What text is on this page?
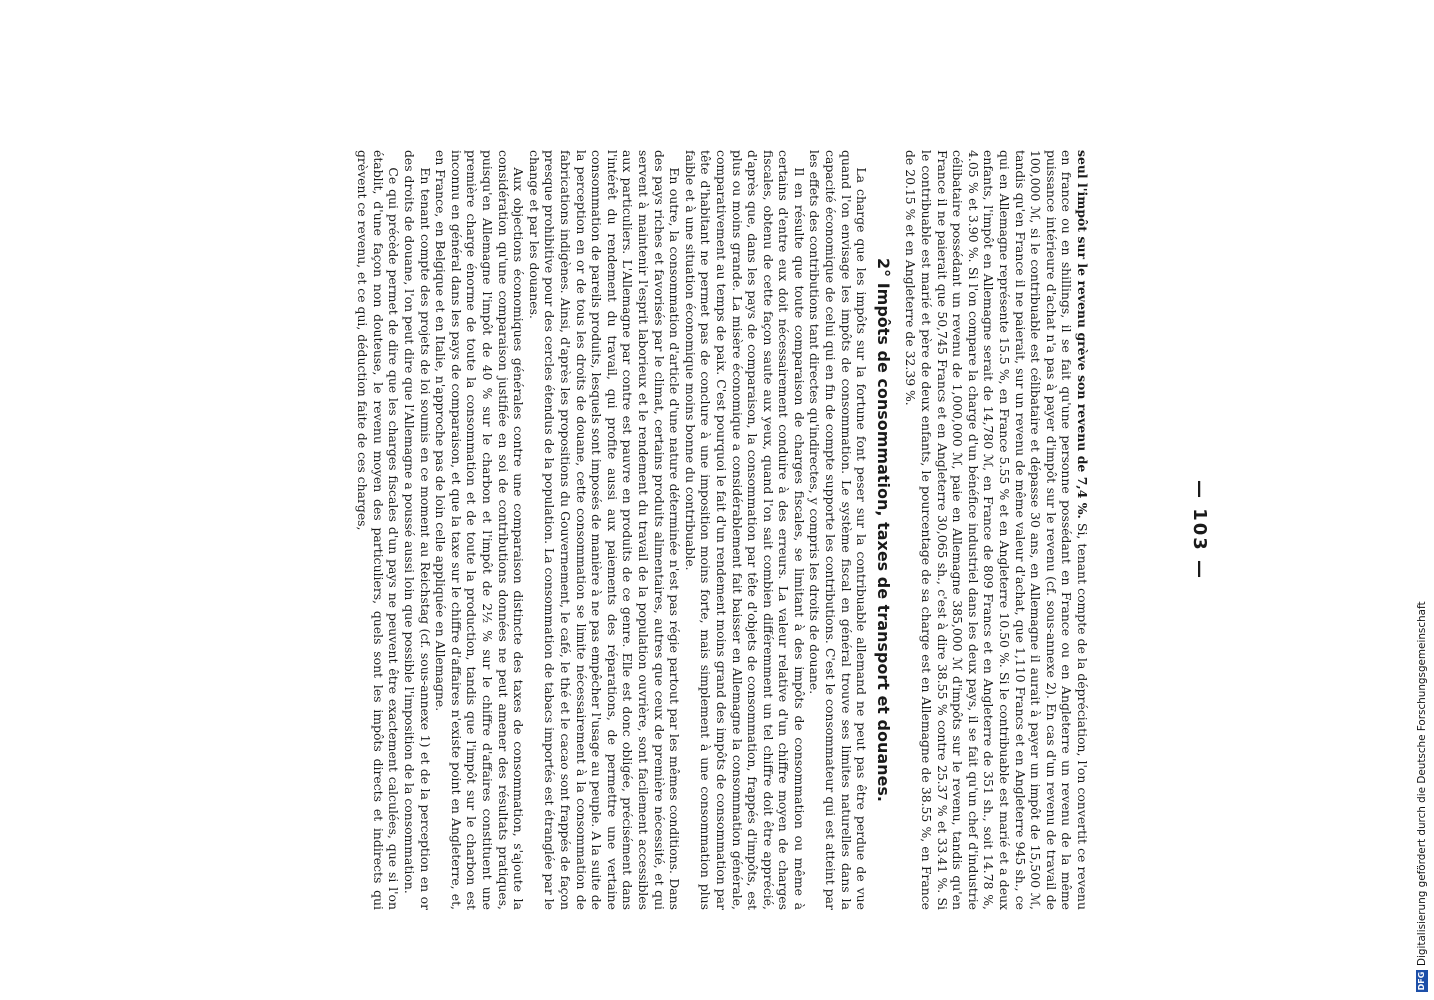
— 103 —

seul l'impôt sur le revenu grève son revenu de 7,4 %. Si, tenant compte de la dépréciation, l'on convertit ce revenu en france ou en shillings, il se fait qu'une personne possédant en France ou en Angleterre un revenu de la même puissance intérieure d'achat n'a pas à payer d'impôt sur le revenu (cf. sous-annexe 2). En cas d'un revenu de travail de 100,000 ℳ, si le contribuable est célibataire et dépasse 30 ans, en Allemagne il aurait à payer un impôt de 15,500 ℳ, tandis qu'en France il ne paierait, sur un revenu de même valeur d'achat, que 1,110 Francs et en Angleterre 945 sh., ce qui en Allemagne représente 15.5 %, en France 5.55 % et en Angleterre 10.50 %. Si le contribuable est marié et a deux enfants, l'impôt en Allemagne serait de 14,780 ℳ, en France de 809 Francs et en Angleterre de 351 sh., soit 14.78 %, 4.05 % et 3.90 %. Si l'on compare la charge d'un bénéfice industriel dans les deux pays, il se fait qu'un chef d'industrie célibataire possédant un revenu de 1,000,000 ℳ, paie en Allemagne 385,000 ℳ d'impôts sur le revenu, tandis qu'en France il ne paierait que 50,745 Francs et en Angleterre 30,065 sh., c'est à dire 38.55 % contre 25.37 % et 33.41 %. Si le contribuable est marié et père de deux enfants, le pourcentage de sa charge est en Allemagne de 38.55 %, en France de 20.15 % et en Angleterre de 32.39 %.

2° Impôts de consommation, taxes de transport et douanes.

La charge que les impôts sur la fortune font peser sur la contribuable allemand ne peut pas être perdue de vue quand l'on envisage les impôts de consommation. Le système fiscal en général trouve ses limites naturelles dans la capacité économique de celui qui en fin de compte supporte les contributions. C'est le consommateur qui est atteint par les effets des contributions tant directes qu'indirectes, y compris les droits de douane.

Il en résulte que toute comparaison de charges fiscales, se limitant à des impôts de consommation ou même à certains d'entre eux doit nécessairement conduire à des erreurs. La valeur relative d'un chiffre moyen de charges fiscales, obtenu de cette façon saute aux yeux, quand l'on sait combien différemment un tel chiffre doit être apprécié, d'après que, dans les pays de comparaison, la consommation par tête d'objets de consommation, frappés d'impôts, est plus ou moins grande. La misère économique a considérablement fait baisser en Allemagne la consommation générale, comparativement au temps de paix. C'est pourquoi le fait d'un rendement moins grand des impôts de consommation par tête d'habitant ne permet pas de conclure à une imposition moins forte, mais simplement à une consommation plus faible et à une situation économique moins bonne du contribuable.

En outre, la consommation d'article d'une nature déterminée n'est pas régie partout par les mêmes conditions. Dans des pays riches et favorisés par le climat, certains produits alimentaires, autres que ceux de première nécessité, et qui servent à maintenir l'esprit laborieux et le rendement du travail de la population ouvrière, sont facilement accessibles aux particuliers. L'Allemagne par contre est pauvre en produits de ce genre. Elle est donc obligée, précisément dans l'intérêt du rendement du travail, qui profite aussi aux paiements des réparations, de permettre une vertaine consommation de pareils produits, lesquels sont imposés de manière à ne pas empêcher l'usage au peuple. A la suite de la perception en or de tous les droits de douane, cette consommation se limite nécessairement à la consommation de fabrications indigènes. Ainsi, d'après les propositions du Gouvernement, le café, le thé et le cacao sont frappés de façon presque prohibitive pour des cercles étendus de la population. La consommation de tabacs importés est étranglée par le change et par les douanes.

Aux objections économiques générales contre une comparaison distincte des taxes de consommation, s'ajoute la considération qu'une comparaison justifiée en soi de contributions données ne peut amener des résultats pratiques, puisqu'en Allemagne l'impôt de 40 % sur le charbon et l'impôt de 2½ % sur le chiffre d'affaires constituent une première charge énorme de toute la consommation et de toute la production, tandis que l'impôt sur le charbon est inconnu en général dans les pays de comparaison, et que la taxe sur le chiffre d'affaires n'existe point en Angleterre, et, en France, en Belgique et en Italie, n'approche pas de loin celle appliquée en Allemagne.

En tenant compte des projets de loi soumis en ce moment au Reichstag (cf. sous-annexe 1) et de la perception en or des droits de douane, l'on peut dire que l'Allemagne a poussé aussi loin que possible l'imposition de la consommation.

Ce qui précède permet de dire que les charges fiscales d'un pays ne peuvent être exactement calculées, que si l'on établit, d'une façon non douteuse, le revenu moyen des particuliers, quels sont les impôts directs et indirects qui grèvent ce revenu, et ce qui, déduction faite de ces charges,

DFGDigitalisierung gefördert durch die Deutsche Forschungsgemeinschaft
